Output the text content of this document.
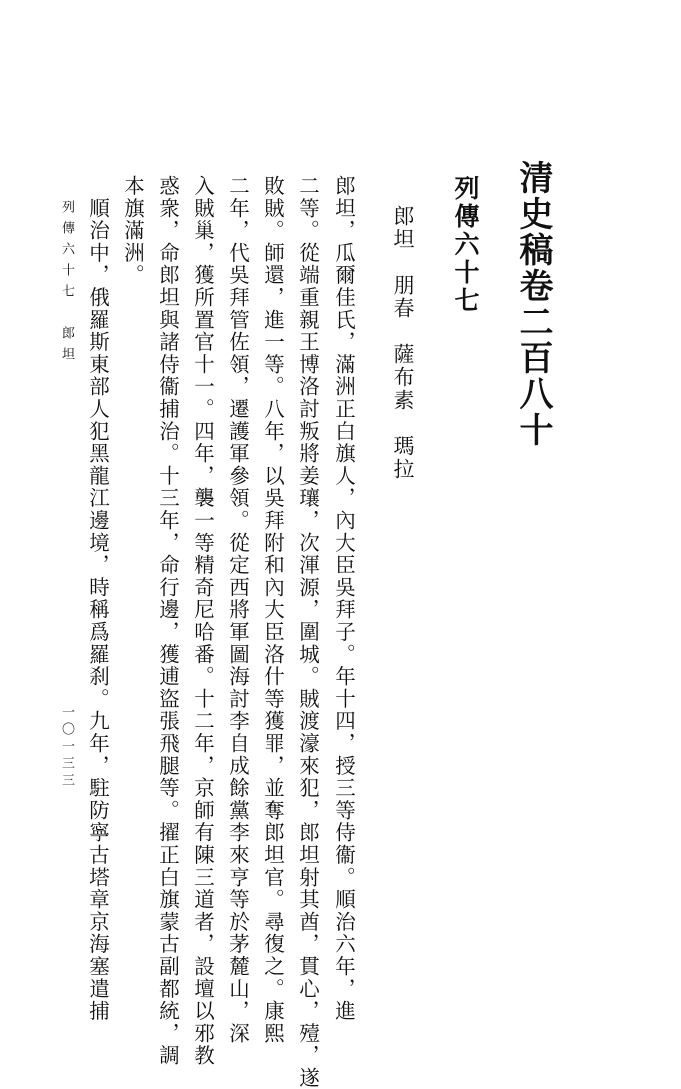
清史稿卷二百八十
列傳六十七
郎坦　朋春　薩布素　瑪拉
郎坦，瓜爾佳氏，滿洲正白旗人，內大臣吳拜子。年十四，授三等侍衞。順治六年，進
二等。從端重親王博洛討叛將姜瓖，次渾源，圍城。賊渡濠來犯，郎坦射其酋，貫心，殪，遂
敗賊。師還，進一等。八年，以吳拜附和內大臣洛什等獲罪，並奪郎坦官。尋復之。康熙
二年，代吳拜管佐領，遷護軍參領。從定西將軍圖海討李自成餘黨李來亨等於茅麓山，深
入賊巢，獲所置官十一。四年，襲一等精奇尼哈番。十二年，京師有陳三道者，設壇以邪教
惑衆，命郎坦與諸侍衞捕治。十三年，命行邊，獲逋盜張飛腿等。擢正白旗蒙古副都統，調
本旗滿洲。
　順治中，俄羅斯東部人犯黑龍江邊境，時稱爲羅刹。九年，駐防寧古塔章京海塞遣捕
列傳六十七　郎坦
一〇一三三
